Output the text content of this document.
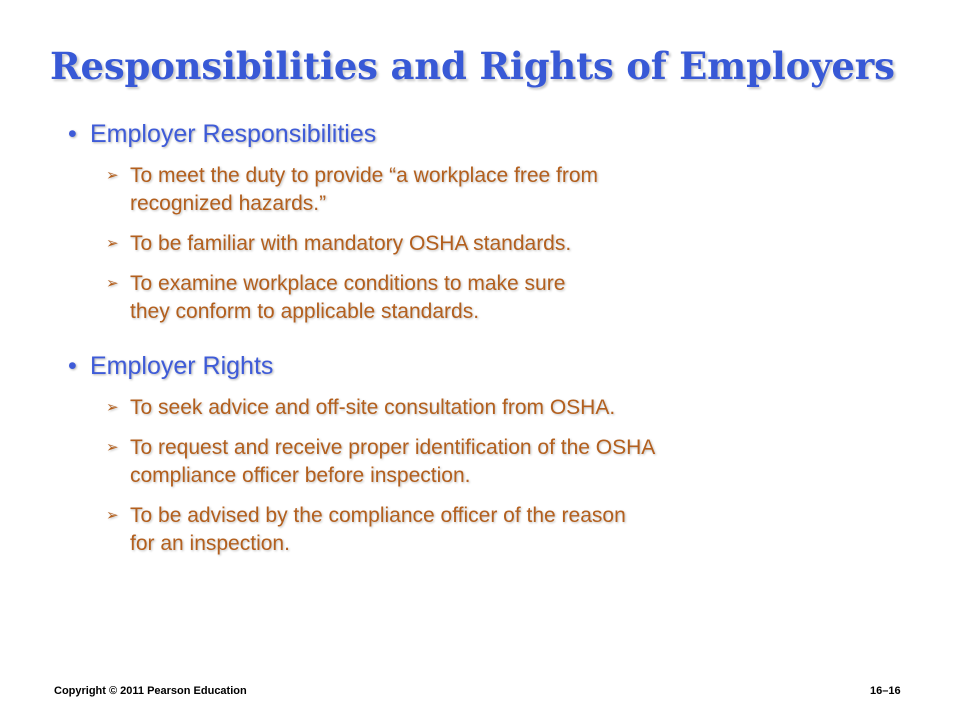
Responsibilities and Rights of Employers
• Employer Responsibilities
➢ To meet the duty to provide “a workplace free from
recognized hazards.”
➢ To be familiar with mandatory OSHA standards.
➢ To examine workplace conditions to make sure
they conform to applicable standards.
• Employer Rights
➢ To seek advice and off-site consultation from OSHA.
➢ To request and receive proper identification of the OSHA
compliance officer before inspection.
➢ To be advised by the compliance officer of the reason
for an inspection.
Copyright © 2011 Pearson Education	16–16
